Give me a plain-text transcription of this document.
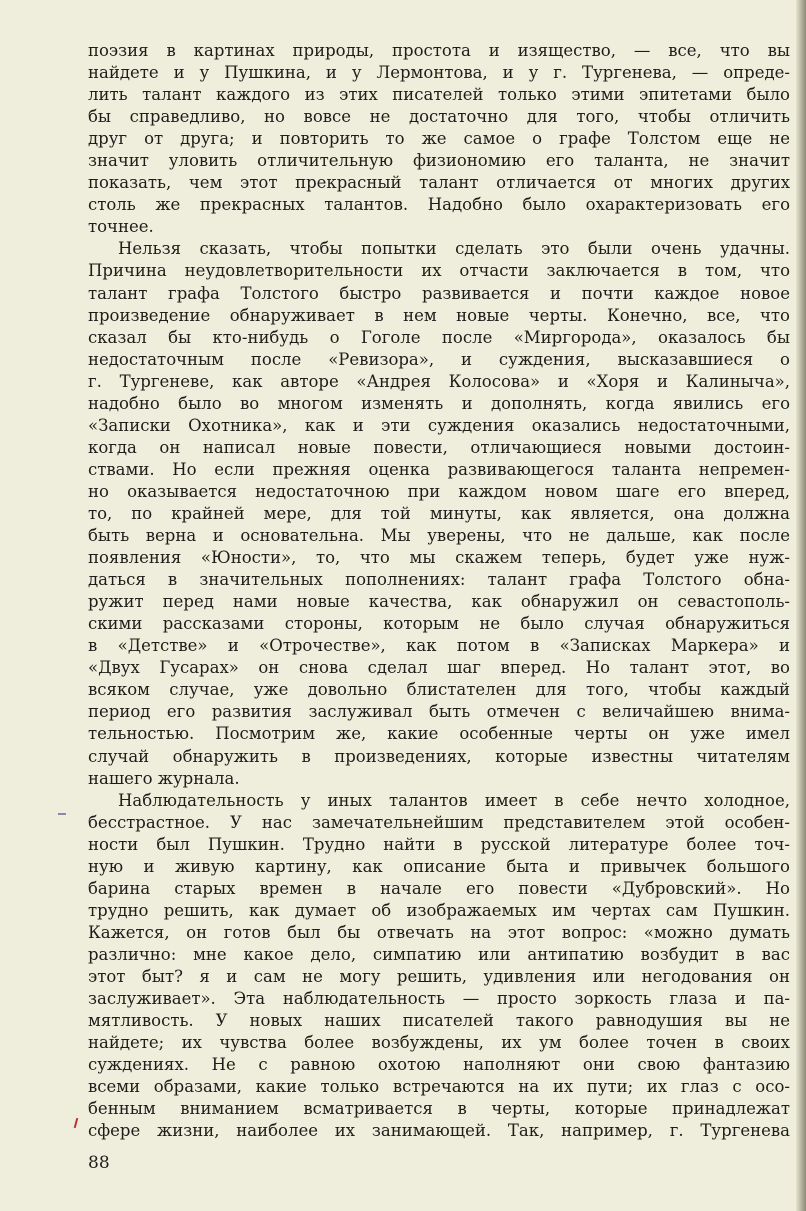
поэзия в картинах природы, простота и изящество, — все, что вы
найдете и у Пушкина, и у Лермонтова, и у г. Тургенева, — опреде-
лить талант каждого из этих писателей только этими эпитетами было
бы справедливо, но вовсе не достаточно для того, чтобы отличить
друг от друга; и повторить то же самое о графе Толстом еще не
значит уловить отличительную физиономию его таланта, не значит
показать, чем этот прекрасный талант отличается от многих других
столь же прекрасных талантов. Надобно было охарактеризовать его
точнее.
Нельзя сказать, чтобы попытки сделать это были очень удачны.
Причина неудовлетворительности их отчасти заключается в том, что
талант графа Толстого быстро развивается и почти каждое новое
произведение обнаруживает в нем новые черты. Конечно, все, что
сказал бы кто-нибудь о Гоголе после «Миргорода», оказалось бы
недостаточным после «Ревизора», и суждения, высказавшиеся о
г. Тургеневе, как авторе «Андрея Колосова» и «Хоря и Калиныча»,
надобно было во многом изменять и дополнять, когда явились его
«Записки Охотника», как и эти суждения оказались недостаточными,
когда он написал новые повести, отличающиеся новыми достоин-
ствами. Но если прежняя оценка развивающегося таланта непремен-
но оказывается недостаточною при каждом новом шаге его вперед,
то, по крайней мере, для той минуты, как является, она должна
быть верна и основательна. Мы уверены, что не дальше, как после
появления «Юности», то, что мы скажем теперь, будет уже нуж-
даться в значительных пополнениях: талант графа Толстого обна-
ружит перед нами новые качества, как обнаружил он севастополь-
скими рассказами стороны, которым не было случая обнаружиться
в «Детстве» и «Отрочестве», как потом в «Записках Маркера» и
«Двух Гусарах» он снова сделал шаг вперед. Но талант этот, во
всяком случае, уже довольно блистателен для того, чтобы каждый
период его развития заслуживал быть отмечен с величайшею внима-
тельностью. Посмотрим же, какие особенные черты он уже имел
случай обнаружить в произведениях, которые известны читателям
нашего журнала.
Наблюдательность у иных талантов имеет в себе нечто холодное,
бесстрастное. У нас замечательнейшим представителем этой особен-
ности был Пушкин. Трудно найти в русской литературе более точ-
ную и живую картину, как описание быта и привычек большого
барина старых времен в начале его повести «Дубровский». Но
трудно решить, как думает об изображаемых им чертах сам Пушкин.
Кажется, он готов был бы отвечать на этот вопрос: «можно думать
различно: мне какое дело, симпатию или антипатию возбудит в вас
этот быт? я и сам не могу решить, удивления или негодования он
заслуживает». Эта наблюдательность — просто зоркость глаза и па-
мятливость. У новых наших писателей такого равнодушия вы не
найдете; их чувства более возбуждены, их ум более точен в своих
суждениях. Не с равною охотою наполняют они свою фантазию
всеми образами, какие только встречаются на их пути; их глаз с осо-
бенным вниманием всматривается в черты, которые принадлежат
сфере жизни, наиболее их занимающей. Так, например, г. Тургенева
88
